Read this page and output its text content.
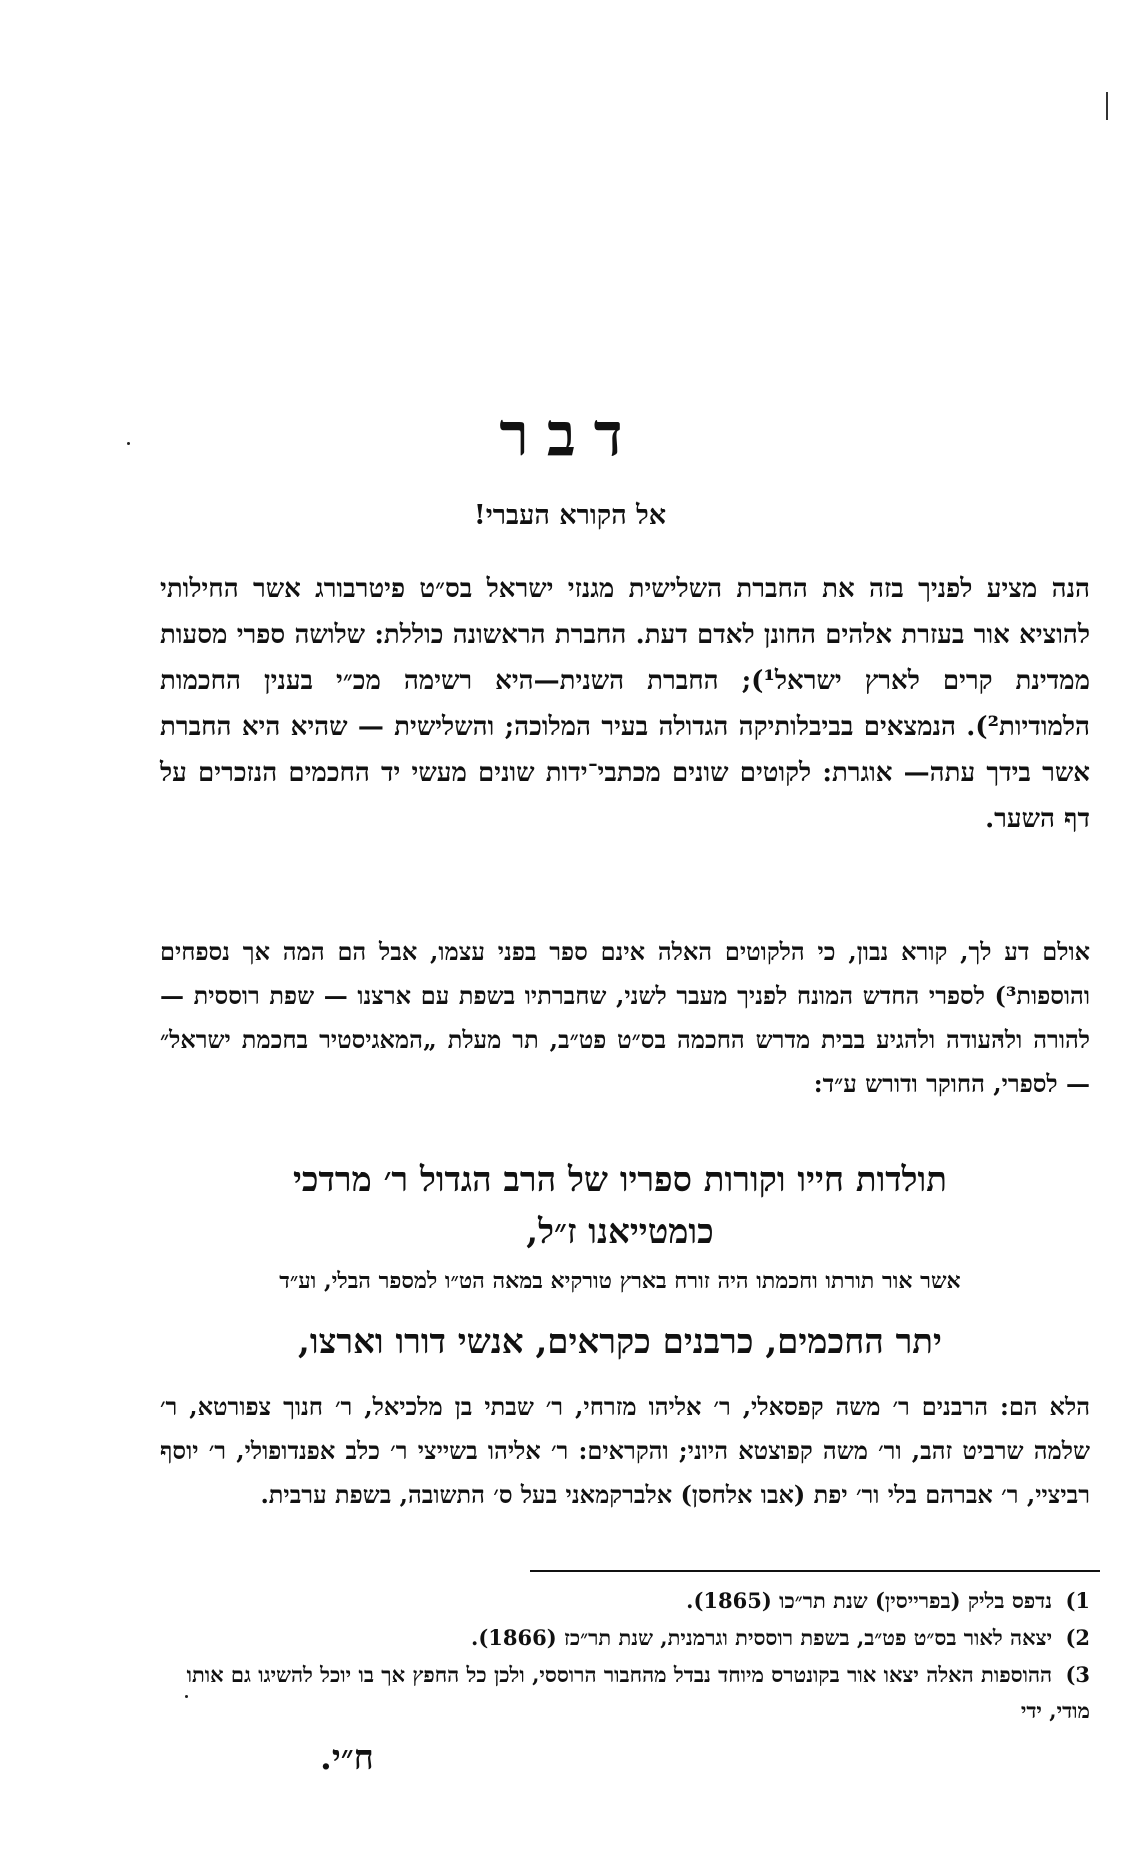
דבר
אל הקורא העברי!
הנה מציע לפניך בזה את החברת השלישית מגנזי ישראל בס״ט פיטרבורג אשר החילותי להוציא אור בעזרת אלהים החונן לאדם דעת. החברת הראשונה כוללת: שלושה ספרי מסעות ממדינת קרים לארץ ישראל¹); החברת השנית—היא רשימה מכ״י בענין החכמות הלמודיות²). הנמצאים בביבלותיקה הגדולה בעיר המלוכה; והשלישית — שהיא היא החברת אשר בידך עתה— אוגרת: לקוטים שונים מכתבי־ידות שונים מעשי יד החכמים הנזכרים על דף השער.
אולם דע לך, קורא נבון, כי הלקוטים האלה אינם ספר בפני עצמו, אבל הם המה אך נספחים והוספות³) לספרי החדש המונח לפניך מעבר לשני, שחברתיו בשפת עם ארצנו — שפת רוססית — להורה ולהעודה ולהגיע בבית מדרש החכמה בס״ט פט״ב, תר מעלת „המאגיסטיר בחכמת ישראל״ — לספרי, החוקר ודורש ע״ד:
תולדות חייו וקורות ספריו של הרב הגדול ר׳ מרדכי
כומטייאנו ז״ל,
אשר אור תורתו וחכמתו היה זורח בארץ טורקיא במאה הט״ו למספר הבלי, וע״ד
יתר החכמים, כרבנים כקראים, אנשי דורו וארצו,
הלא הם: הרבנים ר׳ משה קפסאלי, ר׳ אליהו מזרחי, ר׳ שבתי בן מלכיאל, ר׳ חנוך צפורטא, ר׳ שלמה שרביט זהב, ור׳ משה קפוצטא היוני; והקראים: ר׳ אליהו בשייצי ר׳ כלב אפנדופולי, ר׳ יוסף רביציי, ר׳ אברהם בלי ור׳ יפת (אבו אלחסן) אלברקמאני בעל ס׳ התשובה, בשפת ערבית.
1) נדפס בליק (בפרייסין) שנת תר״כו (1865).
2) יצאה לאור בס״ט פט״ב, בשפת רוססית וגרמנית, שנת תר״כז (1866).
3) ההוספות האלה יצאו אור בקונטרס מיוחד נבדל מהחבור הרוססי, ולכן כל החפץ אך בו יוכל להשיגו גם אותו מודי, ידי
ח״י.
